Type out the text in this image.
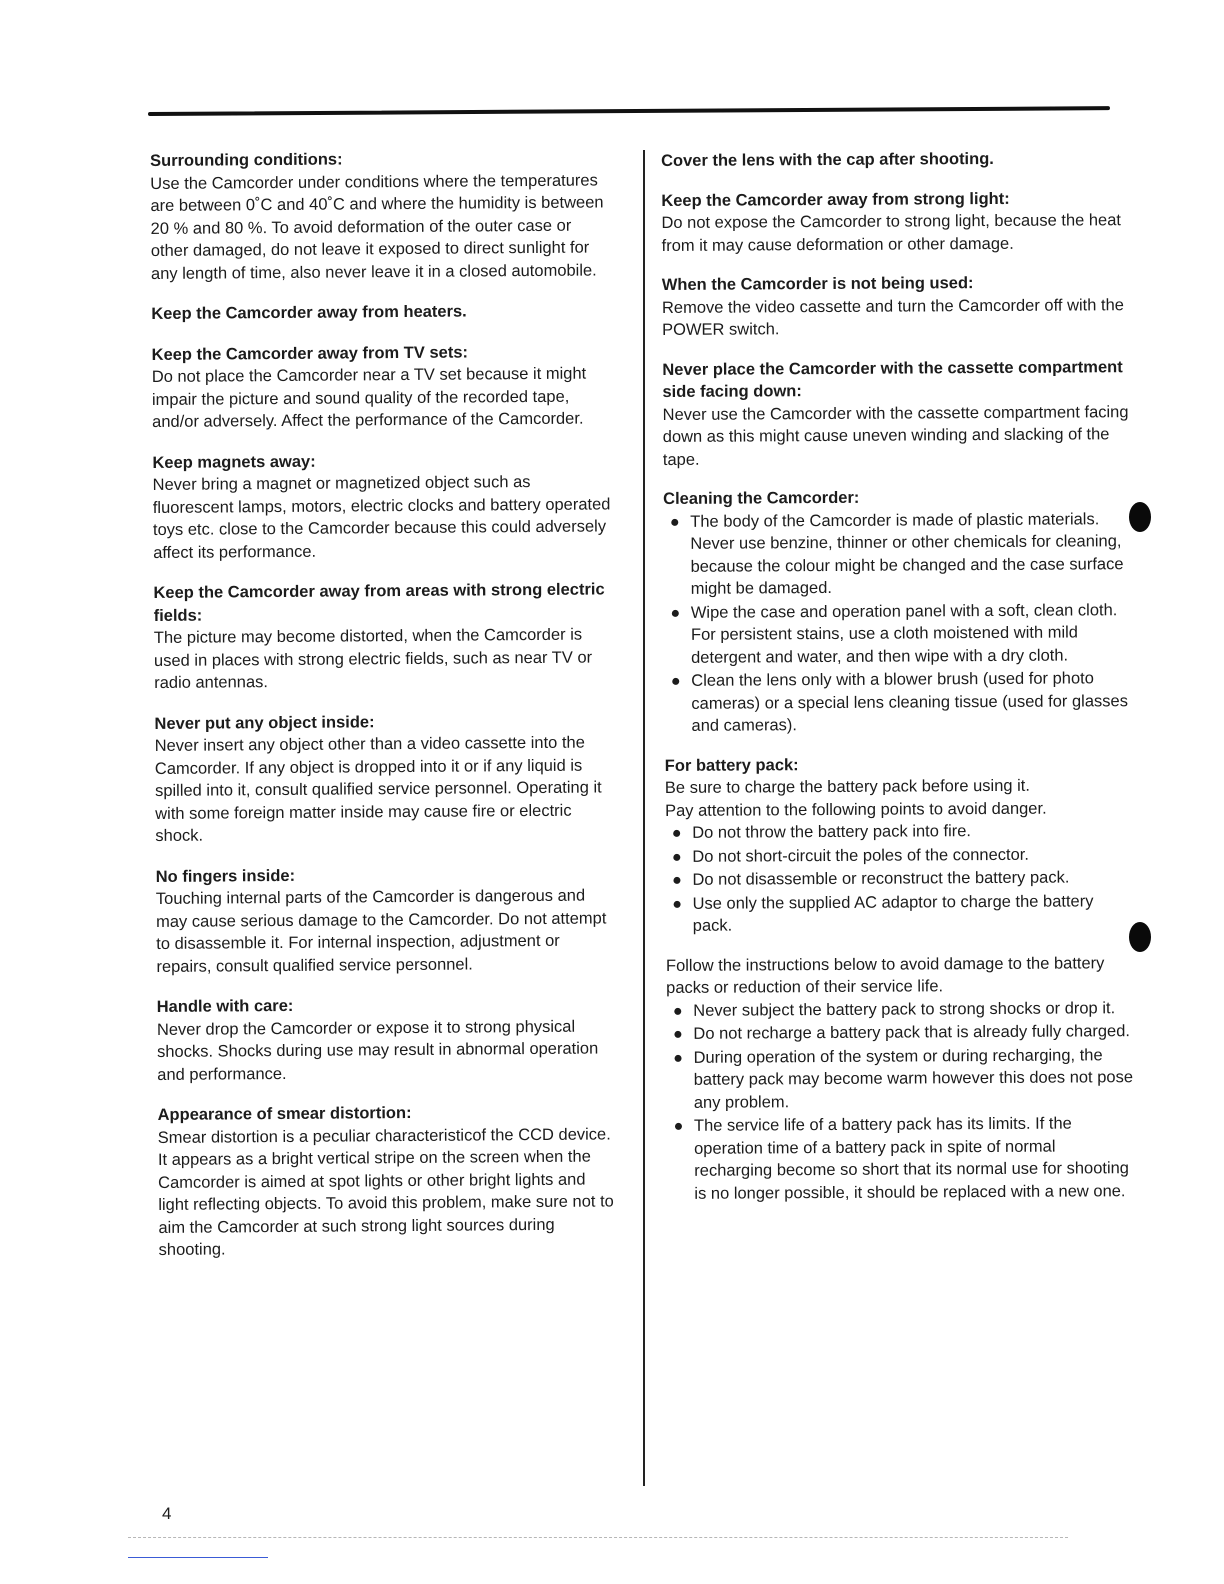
Surrounding conditions:

Use the Camcorder under conditions where the temperatures are between 0˚C and 40˚C and where the humidity is between 20 % and 80 %. To avoid deformation of the outer case or other damaged, do not leave it exposed to direct sunlight for any length of time, also never leave it in a closed automobile.

Keep the Camcorder away from heaters.

Keep the Camcorder away from TV sets:

Do not place the Camcorder near a TV set because it might impair the picture and sound quality of the recorded tape, and/or adversely. Affect the performance of the Camcorder.

Keep magnets away:

Never bring a magnet or magnetized object such as fluorescent lamps, motors, electric clocks and battery operated toys etc. close to the Camcorder because this could adversely affect its performance.

Keep the Camcorder away from areas with strong electric fields:

The picture may become distorted, when the Camcorder is used in places with strong electric fields, such as near TV or radio antennas.

Never put any object inside:

Never insert any object other than a video cassette into the Camcorder. If any object is dropped into it or if any liquid is spilled into it, consult qualified service personnel. Operating it with some foreign matter inside may cause fire or electric shock.

No fingers inside:

Touching internal parts of the Camcorder is dangerous and may cause serious damage to the Camcorder. Do not attempt to disassemble it. For internal inspection, adjustment or repairs, consult qualified service personnel.

Handle with care:

Never drop the Camcorder or expose it to strong physical shocks. Shocks during use may result in abnormal operation and performance.

Appearance of smear distortion:

Smear distortion is a peculiar characteristicof the CCD device. It appears as a bright vertical stripe on the screen when the Camcorder is aimed at spot lights or other bright lights and light reflecting objects. To avoid this problem, make sure not to aim the Camcorder at such strong light sources during shooting.

Cover the lens with the cap after shooting.

Keep the Camcorder away from strong light:

Do not expose the Camcorder to strong light, because the heat from it may cause deformation or other damage.

When the Camcorder is not being used:

Remove the video cassette and turn the Camcorder off with the POWER switch.

Never place the Camcorder with the cassette compartment side facing down:

Never use the Camcorder with the cassette compartment facing down as this might cause uneven winding and slacking of the tape.

Cleaning the Camcorder:

The body of the Camcorder is made of plastic materials. Never use benzine, thinner or other chemicals for cleaning, because the colour might be changed and the case surface might be damaged.
Wipe the case and operation panel with a soft, clean cloth. For persistent stains, use a cloth moistened with mild detergent and water, and then wipe with a dry cloth.
Clean the lens only with a blower brush (used for photo cameras) or a special lens cleaning tissue (used for glasses and cameras).

For battery pack:

Be sure to charge the battery pack before using it.

Pay attention to the following points to avoid danger.

Do not throw the battery pack into fire.
Do not short-circuit the poles of the connector.
Do not disassemble or reconstruct the battery pack.
Use only the supplied AC adaptor to charge the battery pack.

Follow the instructions below to avoid damage to the battery packs or reduction of their service life.

Never subject the battery pack to strong shocks or drop it.
Do not recharge a battery pack that is already fully charged.
During operation of the system or during recharging, the battery pack may become warm however this does not pose any problem.
The service life of a battery pack has its limits. If the operation time of a battery pack in spite of normal recharging become so short that its normal use for shooting is no longer possible, it should be replaced with a new one.
4
